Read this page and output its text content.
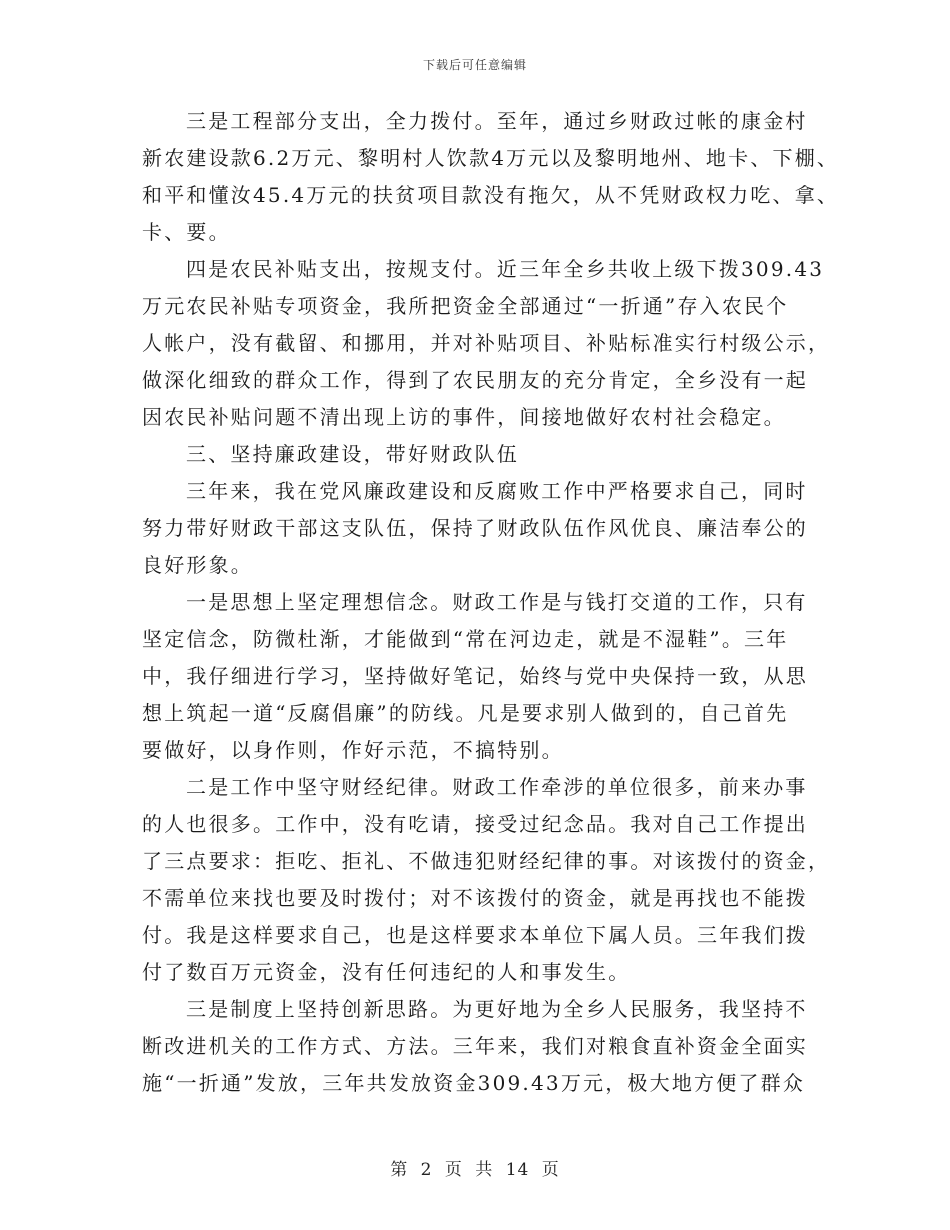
下载后可任意编辑
三是工程部分支出，全力拨付。至年，通过乡财政过帐的康金村
新农建设款6.2万元、黎明村人饮款4万元以及黎明地州、地卡、下棚、
和平和懂汝45.4万元的扶贫项目款没有拖欠，从不凭财政权力吃、拿、
卡、要。
四是农民补贴支出，按规支付。近三年全乡共收上级下拨309.43
万元农民补贴专项资金，我所把资金全部通过“一折通”存入农民个
人帐户，没有截留、和挪用，并对补贴项目、补贴标准实行村级公示，
做深化细致的群众工作，得到了农民朋友的充分肯定，全乡没有一起
因农民补贴问题不清出现上访的事件，间接地做好农村社会稳定。
三、坚持廉政建设，带好财政队伍
三年来，我在党风廉政建设和反腐败工作中严格要求自己，同时
努力带好财政干部这支队伍，保持了财政队伍作风优良、廉洁奉公的
良好形象。
一是思想上坚定理想信念。财政工作是与钱打交道的工作，只有
坚定信念，防微杜渐，才能做到“常在河边走，就是不湿鞋”。三年
中，我仔细进行学习，坚持做好笔记，始终与党中央保持一致，从思
想上筑起一道“反腐倡廉”的防线。凡是要求别人做到的，自己首先
要做好，以身作则，作好示范，不搞特别。
二是工作中坚守财经纪律。财政工作牵涉的单位很多，前来办事
的人也很多。工作中，没有吃请，接受过纪念品。我对自己工作提出
了三点要求：拒吃、拒礼、不做违犯财经纪律的事。对该拨付的资金，
不需单位来找也要及时拨付；对不该拨付的资金，就是再找也不能拨
付。我是这样要求自己，也是这样要求本单位下属人员。三年我们拨
付了数百万元资金，没有任何违纪的人和事发生。
三是制度上坚持创新思路。为更好地为全乡人民服务，我坚持不
断改进机关的工作方式、方法。三年来，我们对粮食直补资金全面实
施“一折通”发放，三年共发放资金309.43万元，极大地方便了群众
第 2 页 共 14 页
